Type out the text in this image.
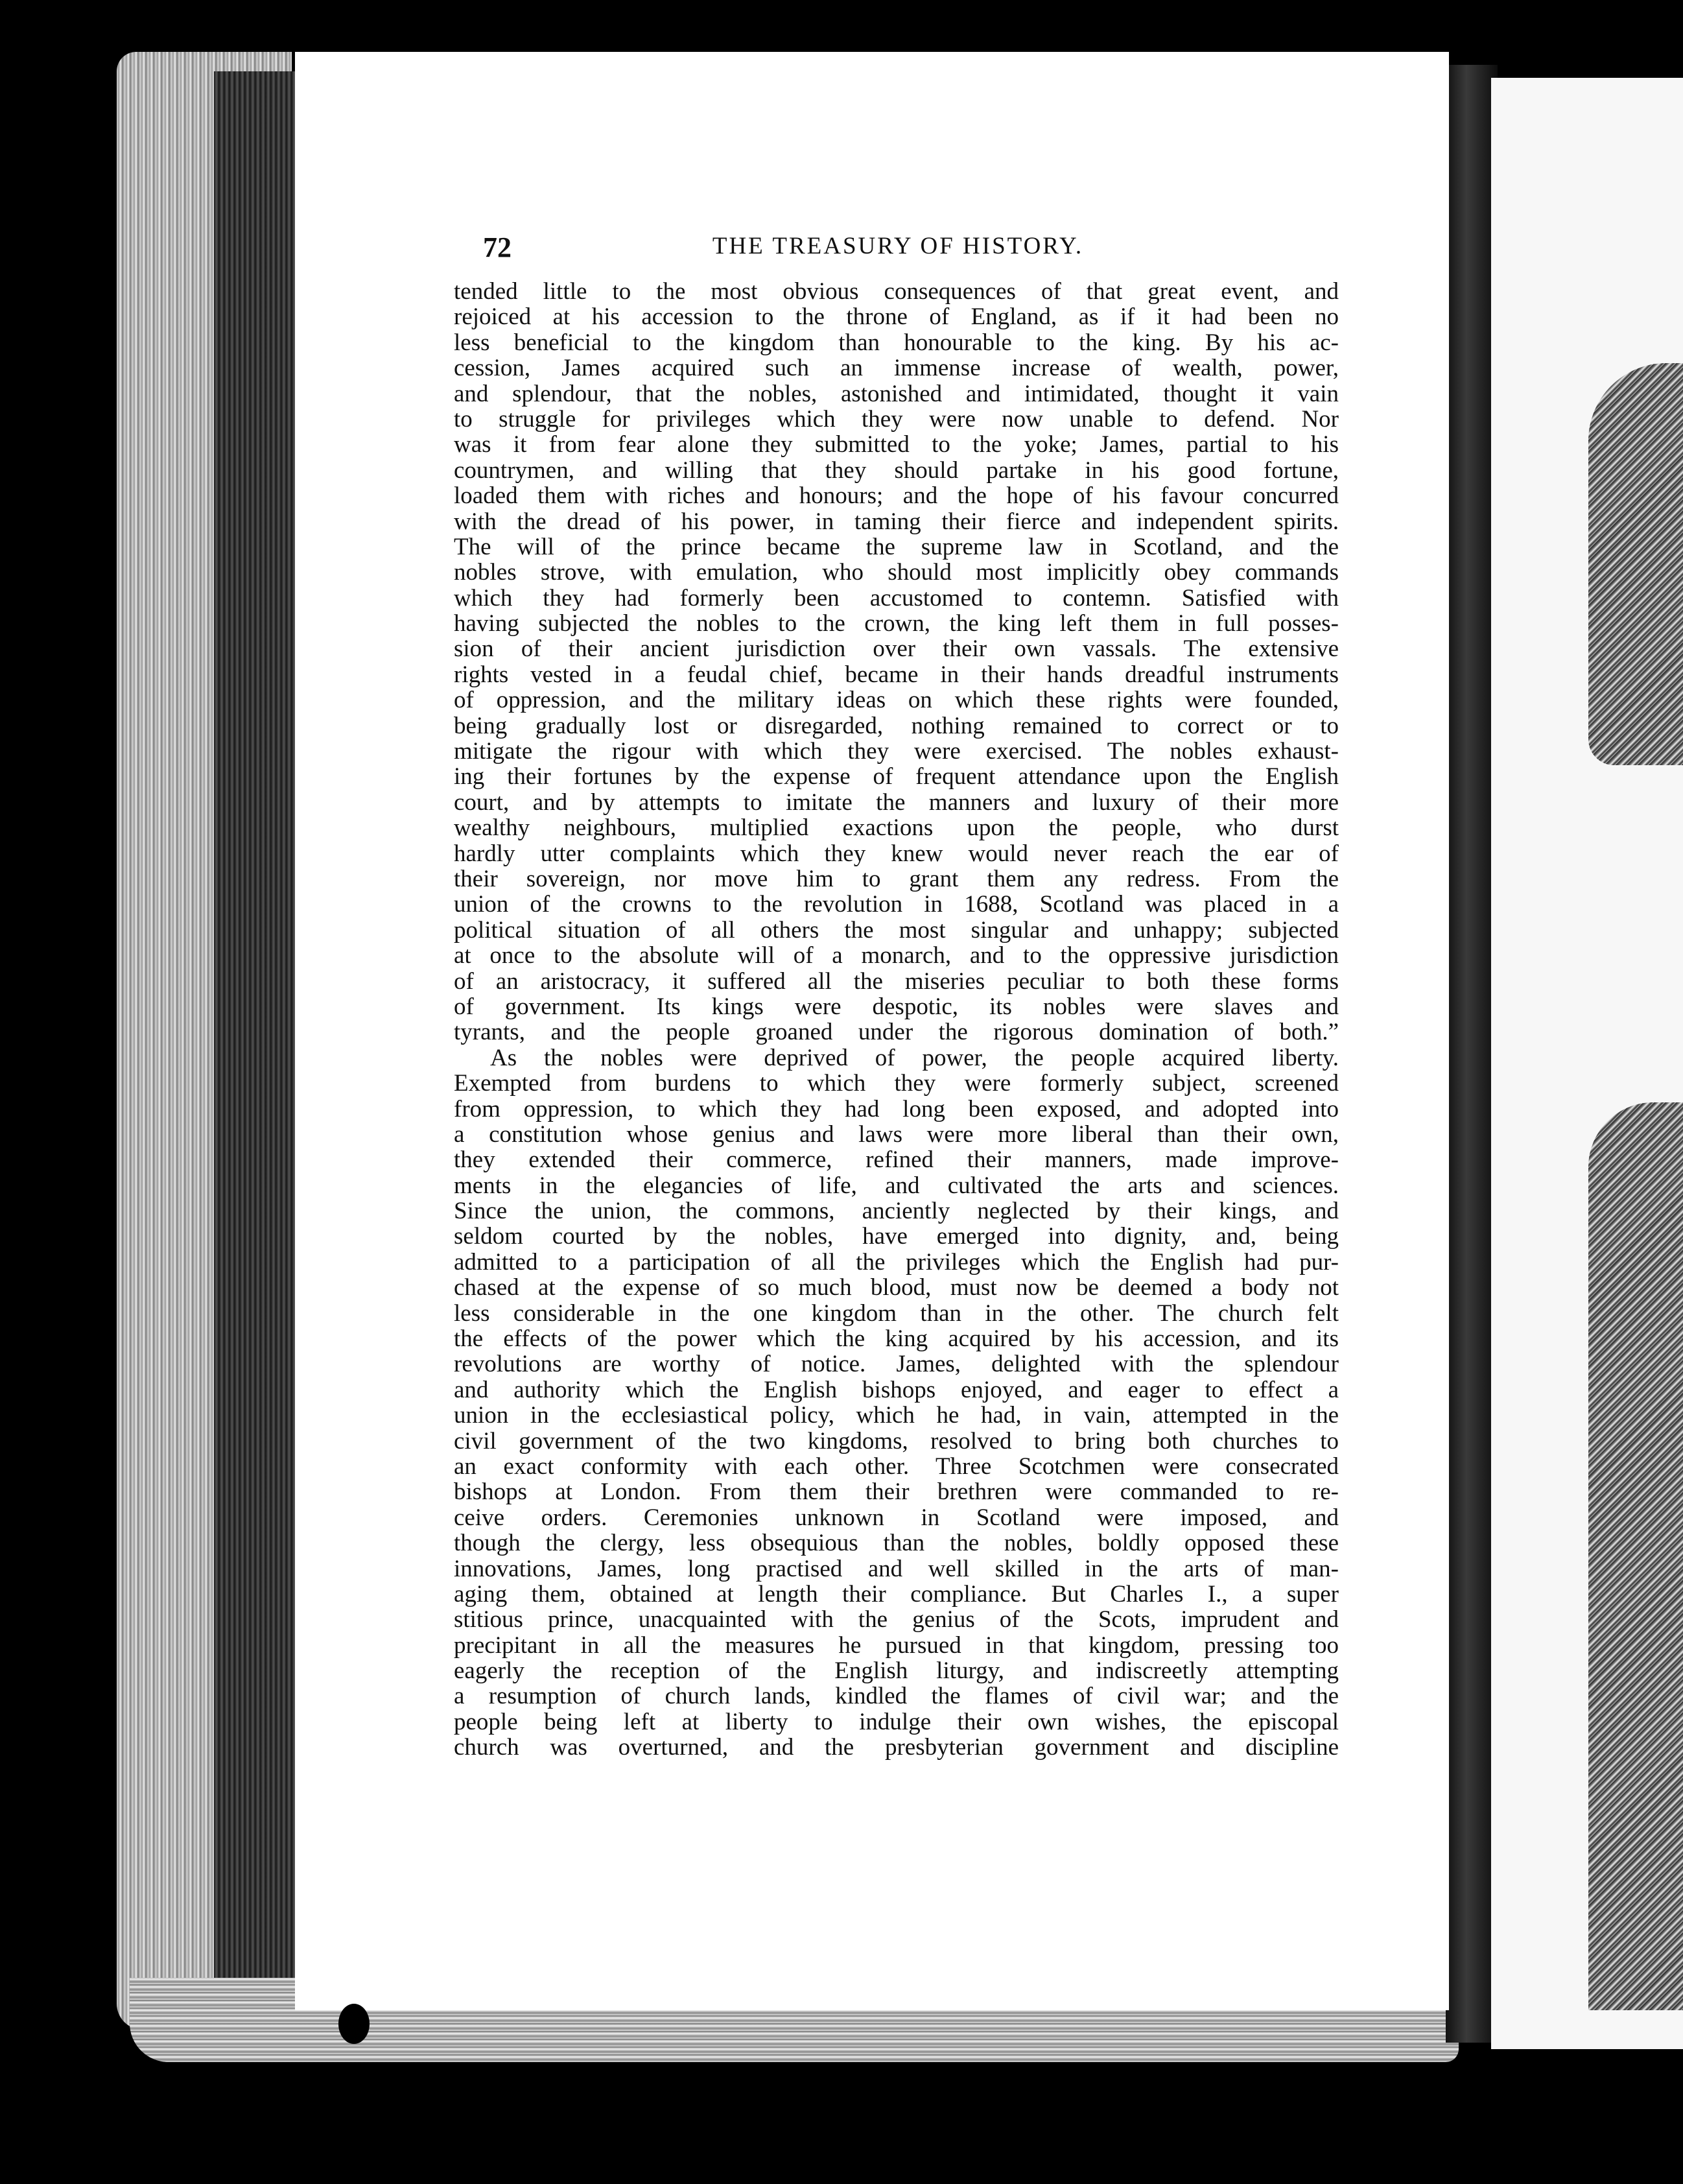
72	THE TREASURY OF HISTORY.
tended little to the most obvious consequences of that great event, and
rejoiced at his accession to the throne of England, as if it had been no
less beneficial to the kingdom than honourable to the king. By his ac-
cession, James acquired such an immense increase of wealth, power,
and splendour, that the nobles, astonished and intimidated, thought it vain
to struggle for privileges which they were now unable to defend. Nor
was it from fear alone they submitted to the yoke; James, partial to his
countrymen, and willing that they should partake in his good fortune,
loaded them with riches and honours; and the hope of his favour concurred
with the dread of his power, in taming their fierce and independent spirits.
The will of the prince became the supreme law in Scotland, and the
nobles strove, with emulation, who should most implicitly obey commands
which they had formerly been accustomed to contemn. Satisfied with
having subjected the nobles to the crown, the king left them in full posses-
sion of their ancient jurisdiction over their own vassals. The extensive
rights vested in a feudal chief, became in their hands dreadful instruments
of oppression, and the military ideas on which these rights were founded,
being gradually lost or disregarded, nothing remained to correct or to
mitigate the rigour with which they were exercised. The nobles exhaust-
ing their fortunes by the expense of frequent attendance upon the English
court, and by attempts to imitate the manners and luxury of their more
wealthy neighbours, multiplied exactions upon the people, who durst
hardly utter complaints which they knew would never reach the ear of
their sovereign, nor move him to grant them any redress. From the
union of the crowns to the revolution in 1688, Scotland was placed in a
political situation of all others the most singular and unhappy; subjected
at once to the absolute will of a monarch, and to the oppressive jurisdiction
of an aristocracy, it suffered all the miseries peculiar to both these forms
of government. Its kings were despotic, its nobles were slaves and
tyrants, and the people groaned under the rigorous domination of both.”
As the nobles were deprived of power, the people acquired liberty.
Exempted from burdens to which they were formerly subject, screened
from oppression, to which they had long been exposed, and adopted into
a constitution whose genius and laws were more liberal than their own,
they extended their commerce, refined their manners, made improve-
ments in the elegancies of life, and cultivated the arts and sciences.
Since the union, the commons, anciently neglected by their kings, and
seldom courted by the nobles, have emerged into dignity, and, being
admitted to a participation of all the privileges which the English had pur-
chased at the expense of so much blood, must now be deemed a body not
less considerable in the one kingdom than in the other. The church felt
the effects of the power which the king acquired by his accession, and its
revolutions are worthy of notice. James, delighted with the splendour
and authority which the English bishops enjoyed, and eager to effect a
union in the ecclesiastical policy, which he had, in vain, attempted in the
civil government of the two kingdoms, resolved to bring both churches to
an exact conformity with each other. Three Scotchmen were consecrated
bishops at London. From them their brethren were commanded to re-
ceive orders. Ceremonies unknown in Scotland were imposed, and
though the clergy, less obsequious than the nobles, boldly opposed these
innovations, James, long practised and well skilled in the arts of man-
aging them, obtained at length their compliance. But Charles I., a super
stitious prince, unacquainted with the genius of the Scots, imprudent and
precipitant in all the measures he pursued in that kingdom, pressing too
eagerly the reception of the English liturgy, and indiscreetly attempting
a resumption of church lands, kindled the flames of civil war; and the
people being left at liberty to indulge their own wishes, the episcopal
church was overturned, and the presbyterian government and discipline
